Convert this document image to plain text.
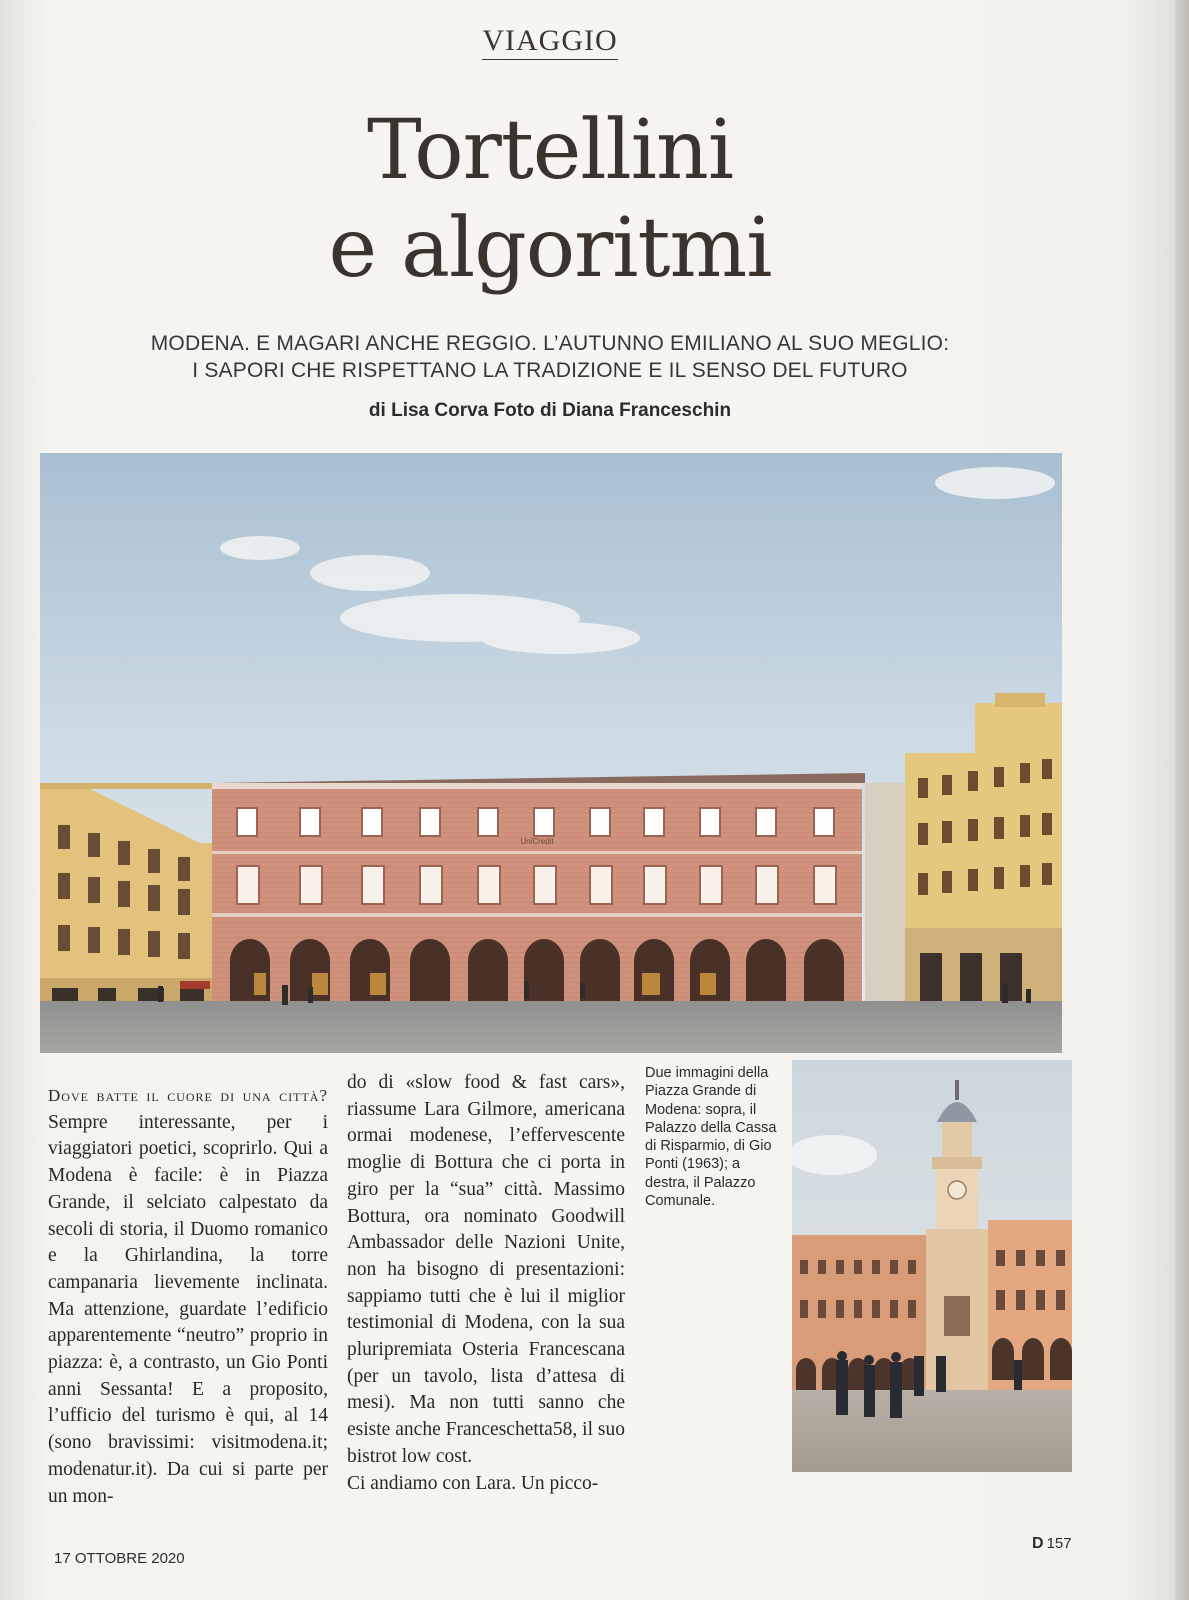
VIAGGIO
Tortellini
e algoritmi
MODENA. E MAGARI ANCHE REGGIO. L’AUTUNNO EMILIANO AL SUO MEGLIO:
I SAPORI CHE RISPETTANO LA TRADIZIONE E IL SENSO DEL FUTURO
di Lisa Corva Foto di Diana Franceschin
UniCredit
Dove batte il cuore di una città? Sempre interessante, per i viaggiatori poetici, scoprirlo. Qui a Modena è facile: è in Piazza Grande, il selciato calpestato da secoli di storia, il Duomo romanico e la Ghirlandina, la torre campanaria lievemente inclinata. Ma attenzione, guardate l’edificio apparentemente “neutro” proprio in piazza: è, a contrasto, un Gio Ponti anni Sessanta! E a proposito, l’ufficio del turismo è qui, al 14 (sono bravissimi: visitmodena.it; modenatur.it). Da cui si parte per un mon-
do di «slow food & fast cars», riassume Lara Gilmore, americana ormai modenese, l’effervescente moglie di Bottura che ci porta in giro per la “sua” città. Massimo Bottura, ora nominato Goodwill Ambassador delle Nazioni Unite, non ha bisogno di presentazioni: sappiamo tutti che è lui il miglior testimonial di Modena, con la sua pluripremiata Osteria Francescana (per un tavolo, lista d’attesa di mesi). Ma non tutti sanno che esiste anche Franceschetta58, il suo bistrot low cost.
Ci andiamo con Lara. Un picco-
Due immagini della Piazza Grande di Modena: sopra, il Palazzo della Cassa di Risparmio, di Gio Ponti (1963); a destra, il Palazzo Comunale.
17 OTTOBRE 2020
D 157
